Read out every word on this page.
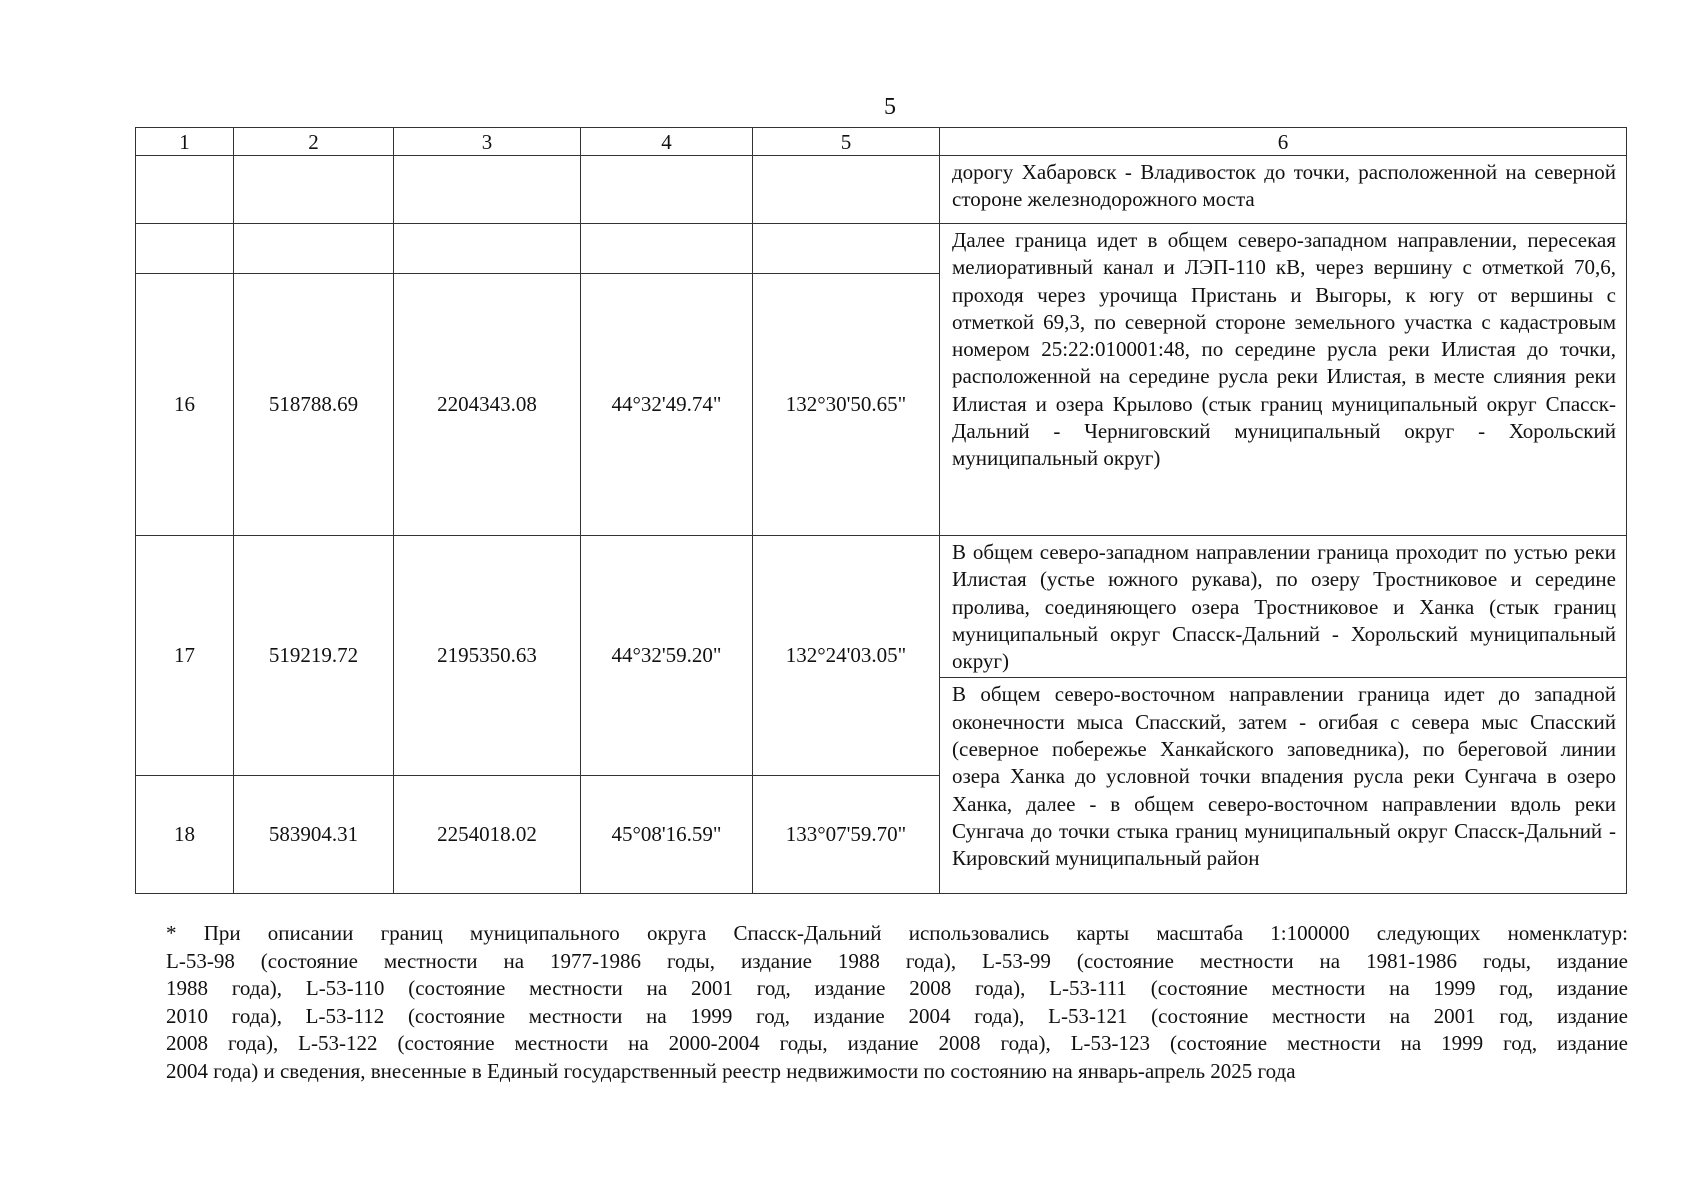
5
1	2	3	4	5	6
					дорогу Хабаровск - Владивосток до точки, расположенной на северной стороне железнодорожного моста
					Далее граница идет в общем северо-западном направлении, пересекая мелиоративный канал и ЛЭП-110 кВ, через вершину с отметкой 70,6, проходя через урочища Пристань и Выгоры, к югу от вершины с отметкой 69,3, по северной стороне земельного участка с кадастровым номером 25:22:010001:48, по середине русла реки Илистая до точки, расположенной на середине русла реки Илистая, в месте слияния реки Илистая и озера Крылово (стык границ муниципальный округ Спасск-Дальний - Черниговский муниципальный округ - Хорольский муниципальный округ)
16	518788.69	2204343.08	44°32'49.74"	132°30'50.65"	
					В общем северо-западном направлении граница проходит по устью реки Илистая (устье южного рукава), по озеру Тростниковое и середине пролива, соединяющего озера Тростниковое и Ханка (стык границ муниципальный округ Спасск-Дальний - Хорольский муниципальный округ)
17	519219.72	2195350.63	44°32'59.20"	132°24'03.05"	
					В общем северо-восточном направлении граница идет до западной оконечности мыса Спасский, затем - огибая с севера мыс Спасский (северное побережье Ханкайского заповедника), по береговой линии озера Ханка до условной точки впадения русла реки Сунгача в озеро Ханка, далее - в общем северо-восточном направлении вдоль реки Сунгача до точки стыка границ муниципальный округ Спасск-Дальний - Кировский муниципальный район
18	583904.31	2254018.02	45°08'16.59"	133°07'59.70"	
* При описании границ муниципального округа Спасск-Дальний использовались карты масштаба 1:100000 следующих номенклатур:
L-53-98 (состояние местности на 1977-1986 годы, издание 1988 года), L-53-99 (состояние местности на 1981-1986 годы, издание
1988 года), L-53-110 (состояние местности на 2001 год, издание 2008 года), L-53-111 (состояние местности на 1999 год, издание
2010 года), L-53-112 (состояние местности на 1999 год, издание 2004 года), L-53-121 (состояние местности на 2001 год, издание
2008 года), L-53-122 (состояние местности на 2000-2004 годы, издание 2008 года), L-53-123 (состояние местности на 1999 год, издание
2004 года) и сведения, внесенные в Единый государственный реестр недвижимости по состоянию на январь-апрель 2025 года
